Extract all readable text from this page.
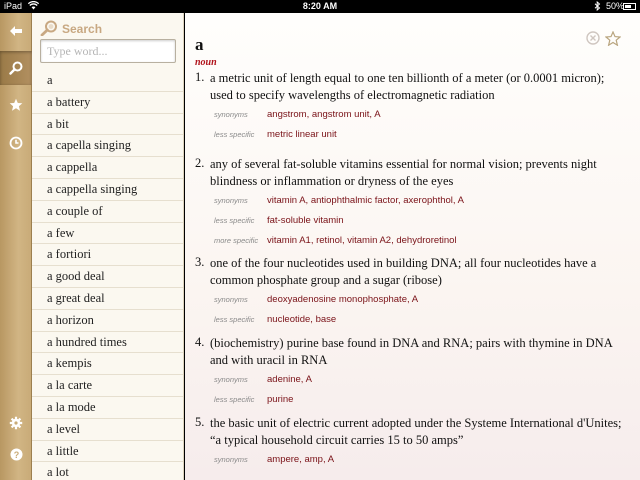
iPad	8:20 AM	50%
?
Search
Type word...
a
a battery
a bit
a capella singing
a cappella
a cappella singing
a couple of
a few
a fortiori
a good deal
a great deal
a horizon
a hundred times
a kempis
a la carte
a la mode
a level
a little
a lot
a
noun
1. a metric unit of length equal to one ten billionth of a meter (or 0.0001 micron); used to specify wavelengths of electromagnetic radiation
synonyms	angstrom, angstrom unit, A
less specific	metric linear unit
2. any of several fat-soluble vitamins essential for normal vision; prevents night blindness or inflammation or dryness of the eyes
synonyms	vitamin A, antiophthalmic factor, axerophthol, A
less specific	fat-soluble vitamin
more specific vitamin A1, retinol, vitamin A2, dehydroretinol
3. one of the four nucleotides used in building DNA; all four nucleotides have a common phosphate group and a sugar (ribose)
synonyms	deoxyadenosine monophosphate, A
less specific	nucleotide, base
4. (biochemistry) purine base found in DNA and RNA; pairs with thymine in DNA and with uracil in RNA
synonyms	adenine, A
less specific	purine
5. the basic unit of electric current adopted under the Systeme International d'Unites; “a typical household circuit carries 15 to 50 amps”
synonyms	ampere, amp, A
